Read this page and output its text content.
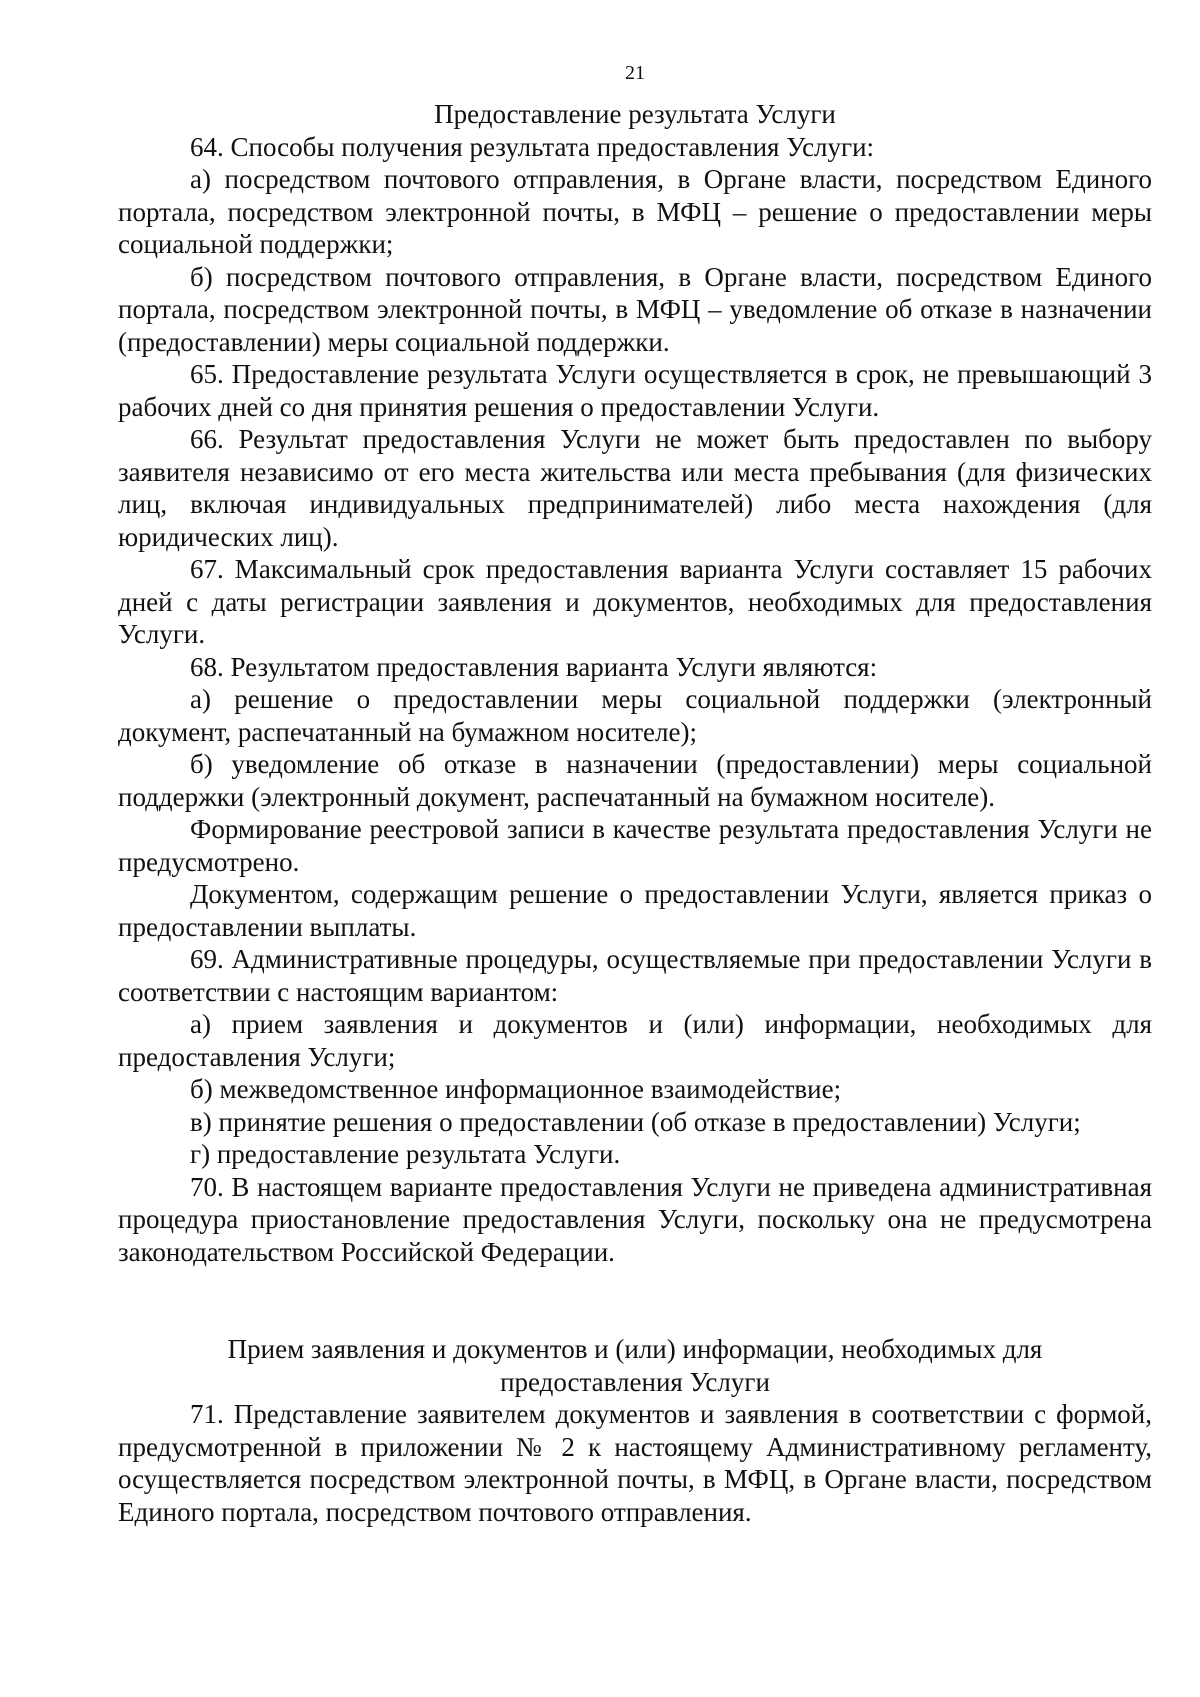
21

Предоставление результата Услуги

64. Способы получения результата предоставления Услуги:

а) посредством почтового отправления, в Органе власти, посредством Единого портала, посредством электронной почты, в МФЦ – решение о предоставлении меры социальной поддержки;

б) посредством почтового отправления, в Органе власти, посредством Единого портала, посредством электронной почты, в МФЦ – уведомление об отказе в назначении (предоставлении) меры социальной поддержки.

65. Предоставление результата Услуги осуществляется в срок, не превышающий 3 рабочих дней со дня принятия решения о предоставлении Услуги.

66. Результат предоставления Услуги не может быть предоставлен по выбору заявителя независимо от его места жительства или места пребывания (для физических лиц, включая индивидуальных предпринимателей) либо места нахождения (для юридических лиц).

67. Максимальный срок предоставления варианта Услуги составляет 15 рабочих дней с даты регистрации заявления и документов, необходимых для предоставления Услуги.

68. Результатом предоставления варианта Услуги являются:

а) решение о предоставлении меры социальной поддержки (электронный документ, распечатанный на бумажном носителе);

б) уведомление об отказе в назначении (предоставлении) меры социальной поддержки (электронный документ, распечатанный на бумажном носителе).

Формирование реестровой записи в качестве результата предоставления Услуги не предусмотрено.

Документом, содержащим решение о предоставлении Услуги, является приказ о предоставлении выплаты.

69. Административные процедуры, осуществляемые при предоставлении Услуги в соответствии с настоящим вариантом:

а) прием заявления и документов и (или) информации, необходимых для предоставления Услуги;

б) межведомственное информационное взаимодействие;

в) принятие решения о предоставлении (об отказе в предоставлении) Услуги;

г) предоставление результата Услуги.

70. В настоящем варианте предоставления Услуги не приведена административная процедура приостановление предоставления Услуги, поскольку она не предусмотрена законодательством Российской Федерации.

Прием заявления и документов и (или) информации, необходимых для

предоставления Услуги

71. Представление заявителем документов и заявления в соответствии с формой, предусмотренной в приложении № 2 к настоящему Административному регламенту, осуществляется посредством электронной почты, в МФЦ, в Органе власти, посредством Единого портала, посредством почтового отправления.
